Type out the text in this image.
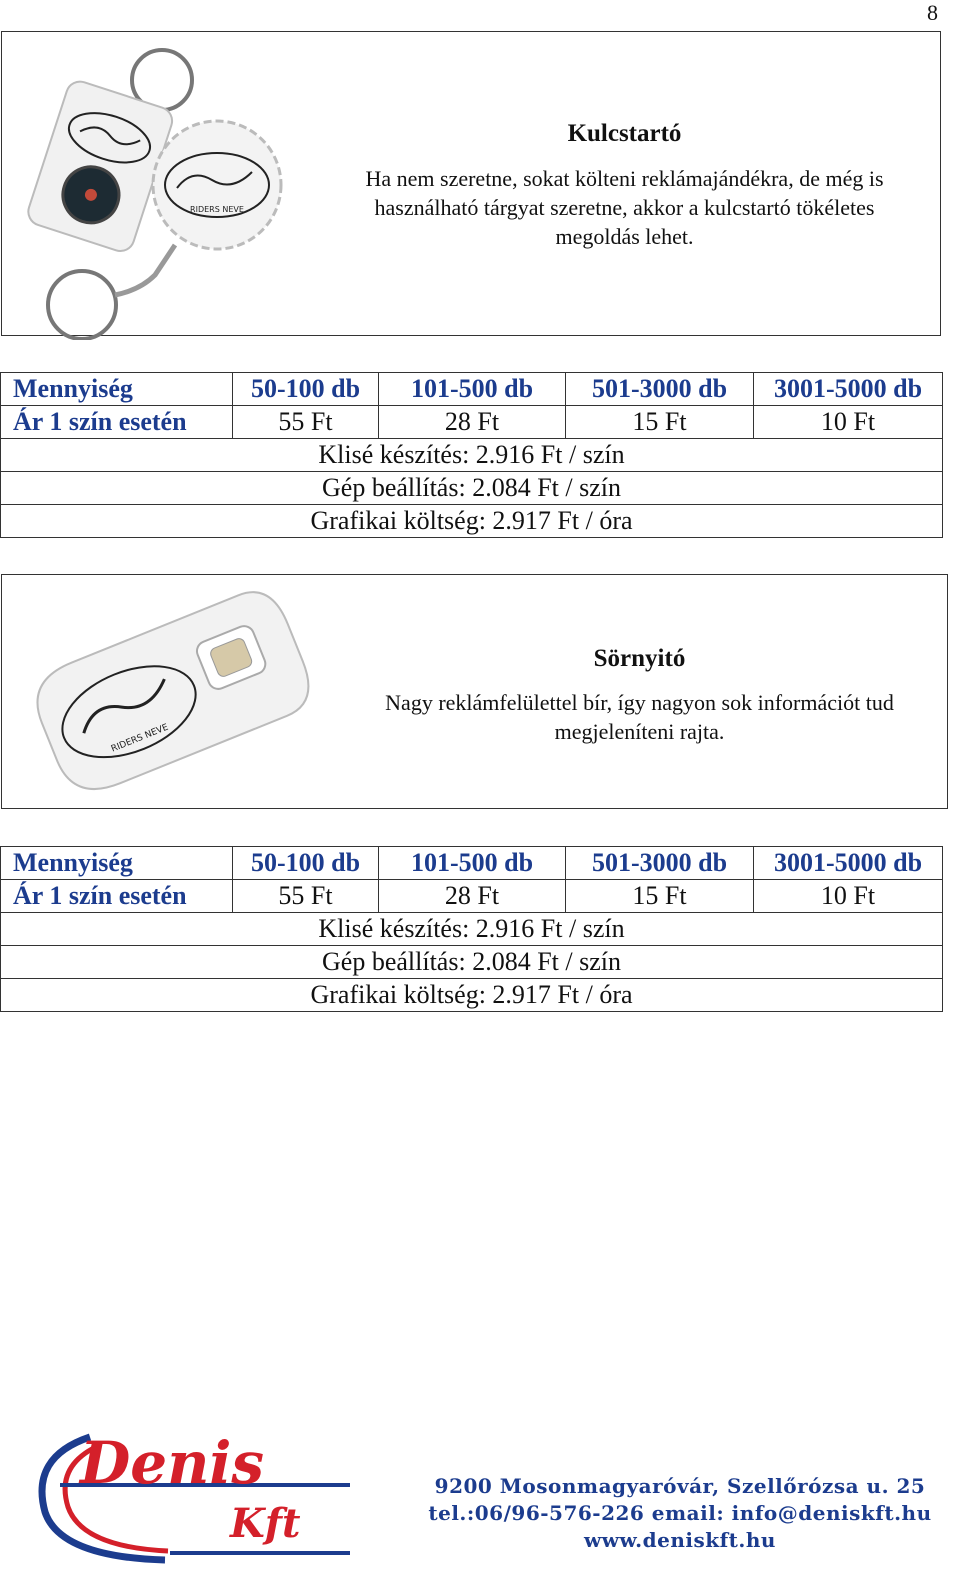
8
RIDERS NEVE
Kulcstartó
Ha nem szeretne, sokat költeni reklámajándékra, de még is használható tárgyat szeretne, akkor a kulcstartó tökéletes megoldás lehet.
Mennyiség	50-100 db	101-500 db	501-3000 db	3001-5000 db
Ár 1 szín esetén	55 Ft	28 Ft	15 Ft	10 Ft
Klisé készítés: 2.916 Ft / szín				
Gép beállítás: 2.084 Ft / szín				
Grafikai költség: 2.917 Ft / óra				
RIDERS NEVE
Sörnyitó
Nagy reklámfelülettel bír, így nagyon sok információt tud megjeleníteni rajta.
Mennyiség	50-100 db	101-500 db	501-3000 db	3001-5000 db
Ár 1 szín esetén	55 Ft	28 Ft	15 Ft	10 Ft
Klisé készítés: 2.916 Ft / szín				
Gép beállítás: 2.084 Ft / szín				
Grafikai költség: 2.917 Ft / óra				
Denis
Kft
9200 Mosonmagyaróvár, Szellőrózsa u. 25
tel.:06/96-576-226 email: info@deniskft.hu
www.deniskft.hu
